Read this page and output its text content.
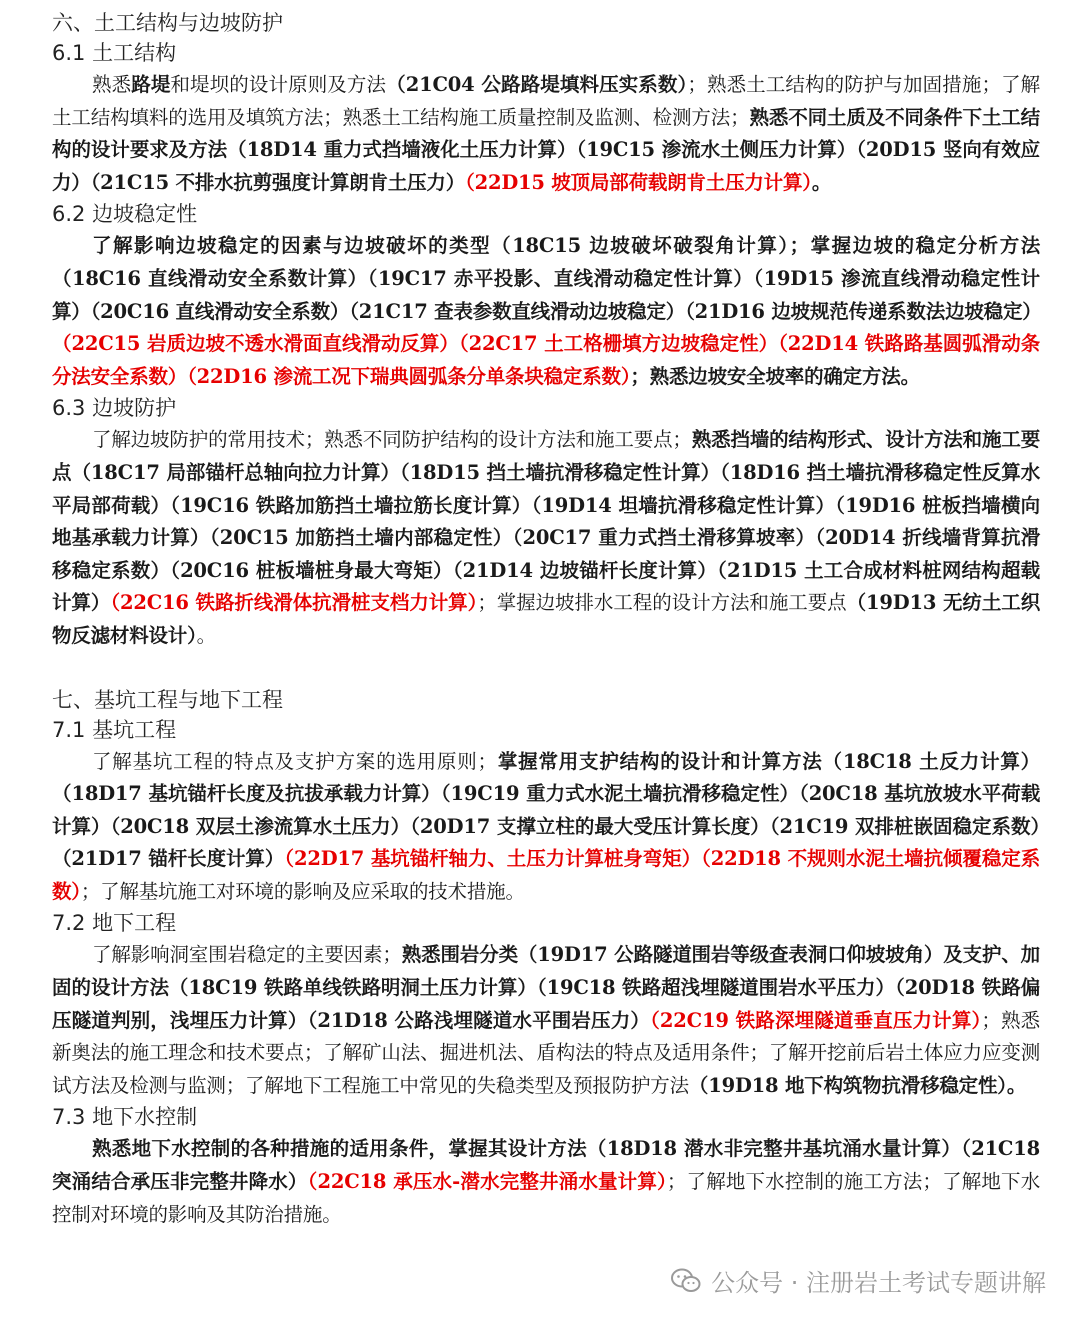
六、土工结构与边坡防护
6.1 土工结构

熟悉路堤和堤坝的设计原则及方法（21C04 公路路堤填料压实系数）；熟悉土工结构的防护与加固措施；了解土工结构填料的选用及填筑方法；熟悉土工结构施工质量控制及监测、检测方法；熟悉不同土质及不同条件下土工结构的设计要求及方法（18D14 重力式挡墙液化土压力计算）（19C15 渗流水土侧压力计算）（20D15 竖向有效应力）（21C15 不排水抗剪强度计算朗肯土压力）（22D15 坡顶局部荷载朗肯土压力计算）。

6.2 边坡稳定性

了解影响边坡稳定的因素与边坡破坏的类型（18C15 边坡破坏破裂角计算）；掌握边坡的稳定分析方法（18C16 直线滑动安全系数计算）（19C17 赤平投影、直线滑动稳定性计算）（19D15 渗流直线滑动稳定性计算）（20C16 直线滑动安全系数）（21C17 查表参数直线滑动边坡稳定）（21D16 边坡规范传递系数法边坡稳定）（22C15 岩质边坡不透水滑面直线滑动反算）（22C17 土工格栅填方边坡稳定性）（22D14 铁路路基圆弧滑动条分法安全系数）（22D16 渗流工况下瑞典圆弧条分单条块稳定系数）；熟悉边坡安全坡率的确定方法。

6.3 边坡防护

了解边坡防护的常用技术；熟悉不同防护结构的设计方法和施工要点；熟悉挡墙的结构形式、设计方法和施工要点（18C17 局部锚杆总轴向拉力计算）（18D15 挡土墙抗滑移稳定性计算）（18D16 挡土墙抗滑移稳定性反算水平局部荷载）（19C16 铁路加筋挡土墙拉筋长度计算）（19D14 坦墙抗滑移稳定性计算）（19D16 桩板挡墙横向地基承载力计算）（20C15 加筋挡土墙内部稳定性）（20C17 重力式挡土滑移算坡率）（20D14 折线墙背算抗滑移稳定系数）（20C16 桩板墙桩身最大弯矩）（21D14 边坡锚杆长度计算）（21D15 土工合成材料桩网结构超载计算）（22C16 铁路折线滑体抗滑桩支档力计算）；掌握边坡排水工程的设计方法和施工要点（19D13 无纺土工织物反滤材料设计）。

七、基坑工程与地下工程
7.1 基坑工程

了解基坑工程的特点及支护方案的选用原则；掌握常用支护结构的设计和计算方法（18C18 土反力计算）（18D17 基坑锚杆长度及抗拔承载力计算）（19C19 重力式水泥土墙抗滑移稳定性）（20C18 基坑放坡水平荷载计算）（20C18 双层土渗流算水土压力）（20D17 支撑立柱的最大受压计算长度）（21C19 双排桩嵌固稳定系数）（21D17 锚杆长度计算）（22D17 基坑锚杆轴力、土压力计算桩身弯矩）（22D18 不规则水泥土墙抗倾覆稳定系数）；了解基坑施工对环境的影响及应采取的技术措施。

7.2 地下工程

了解影响洞室围岩稳定的主要因素；熟悉围岩分类（19D17 公路隧道围岩等级查表洞口仰坡坡角）及支护、加固的设计方法（18C19 铁路单线铁路明洞土压力计算）（19C18 铁路超浅埋隧道围岩水平压力）（20D18 铁路偏压隧道判别，浅埋压力计算）（21D18 公路浅埋隧道水平围岩压力）（22C19 铁路深埋隧道垂直压力计算）；熟悉新奥法的施工理念和技术要点；了解矿山法、掘进机法、盾构法的特点及适用条件；了解开挖前后岩土体应力应变测试方法及检测与监测；了解地下工程施工中常见的失稳类型及预报防护方法（19D18 地下构筑物抗滑移稳定性）。

7.3 地下水控制

熟悉地下水控制的各种措施的适用条件，掌握其设计方法（18D18 潜水非完整井基坑涌水量计算）（21C18 突涌结合承压非完整井降水）（22C18 承压水-潜水完整井涌水量计算）；了解地下水控制的施工方法；了解地下水控制对环境的影响及其防治措施。

公众号 · 注册岩土考试专题讲解
